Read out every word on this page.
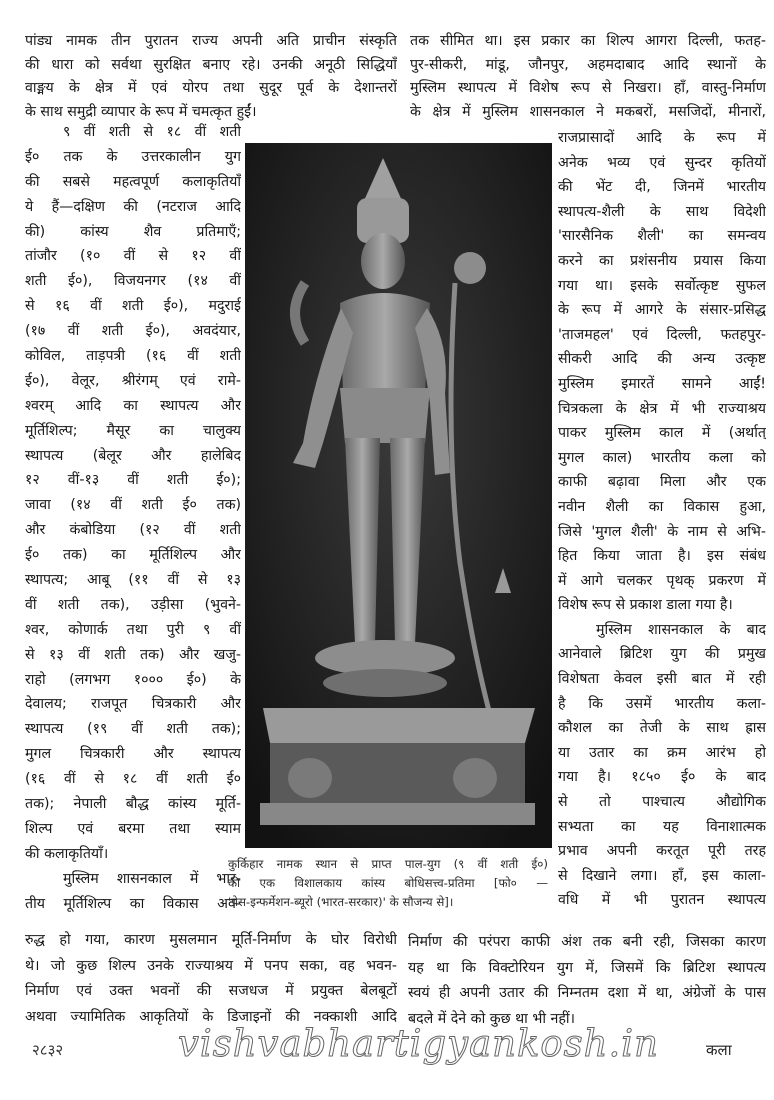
पांड्य नामक तीन पुरातन राज्य अपनी अति प्राचीन संस्कृति
की धारा को सर्वथा सुरक्षित बनाए रहे। उनकी अनूठी सिद्धियाँ
वाङ्मय के क्षेत्र में एवं योरप तथा सुदूर पूर्व के देशान्तरों
के साथ समुद्री व्यापार के रूप में चमत्कृत हुईं।
तक सीमित था। इस प्रकार का शिल्प आगरा दिल्ली, फतह-
पुर-सीकरी, मांडू, जौनपुर, अहमदाबाद आदि स्थानों के
मुस्लिम स्थापत्य में विशेष रूप से निखरा। हाँ, वास्तु-निर्माण
के क्षेत्र में मुस्लिम शासनकाल ने मकबरों, मसजिदों, मीनारों,
९ वीं शती से १८ वीं शती
ई० तक के उत्तरकालीन युग
की सबसे महत्वपूर्ण कलाकृतियाँ
ये हैं—दक्षिण की (नटराज आदि
की) कांस्य शैव प्रतिमाएँ;
तांजौर (१० वीं से १२ वीं
शती ई०), विजयनगर (१४ वीं
से १६ वीं शती ई०), मदुराई
(१७ वीं शती ई०), अवदंयार,
कोविल, ताड़पत्री (१६ वीं शती
ई०), वेलूर, श्रीरंगम् एवं रामे-
श्वरम् आदि का स्थापत्य और
मूर्तिशिल्प; मैसूर का चालुक्य
स्थापत्य (बेलूर और हालेबिद
१२ वीं-१३ वीं शती ई०);
जावा (१४ वीं शती ई० तक)
और कंबोडिया (१२ वीं शती
ई० तक) का मूर्तिशिल्प और
स्थापत्य; आबू (११ वीं से १३
वीं शती तक), उड़ीसा (भुवने-
श्वर, कोणार्क तथा पुरी ९ वीं
से १३ वीं शती तक) और खजु-
राहो (लगभग १००० ई०) के
देवालय; राजपूत चित्रकारी और
स्थापत्य (१९ वीं शती तक);
मुगल चित्रकारी और स्थापत्य
(१६ वीं से १८ वीं शती ई०
तक); नेपाली बौद्ध कांस्य मूर्ति-
शिल्प एवं बरमा तथा स्याम
की कलाकृतियाँ।
मुस्लिम शासनकाल में भार-
तीय मूर्तिशिल्प का विकास अव-
कुर्किहार नामक स्थान से प्राप्त पाल-युग (९ वीं शती ई०)
की एक विशालकाय कांस्य बोधिसत्त्व-प्रतिमा [फो० —
'प्रेस-इन्फर्मेशन-ब्यूरो (भारत-सरकार)' के सौजन्य से]।
राजप्रासादों आदि के रूप में
अनेक भव्य एवं सुन्दर कृतियों
की भेंट दी, जिनमें भारतीय
स्थापत्य-शैली के साथ विदेशी
'सारसैनिक शैली' का समन्वय
करने का प्रशंसनीय प्रयास किया
गया था। इसके सर्वोत्कृष्ट सुफल
के रूप में आगरे के संसार-प्रसिद्ध
'ताजमहल' एवं दिल्ली, फतहपुर-
सीकरी आदि की अन्य उत्कृष्ट
मुस्लिम इमारतें सामने आईं!
चित्रकला के क्षेत्र में भी राज्याश्रय
पाकर मुस्लिम काल में (अर्थात्
मुगल काल) भारतीय कला को
काफी बढ़ावा मिला और एक
नवीन शैली का विकास हुआ,
जिसे 'मुगल शैली' के नाम से अभि-
हित किया जाता है। इस संबंध
में आगे चलकर पृथक् प्रकरण में
विशेष रूप से प्रकाश डाला गया है।
मुस्लिम शासनकाल के बाद
आनेवाले ब्रिटिश युग की प्रमुख
विशेषता केवल इसी बात में रही
है कि उसमें भारतीय कला-
कौशल का तेजी के साथ ह्रास
या उतार का क्रम आरंभ हो
गया है। १८५० ई० के बाद
से तो पाश्चात्य औद्योगिक
सभ्यता का यह विनाशात्मक
प्रभाव अपनी करतूत पूरी तरह
से दिखाने लगा। हाँ, इस काला-
वधि में भी पुरातन स्थापत्य
रुद्ध हो गया, कारण मुसलमान मूर्ति-निर्माण के घोर विरोधी
थे। जो कुछ शिल्प उनके राज्याश्रय में पनप सका, वह भवन-
निर्माण एवं उक्त भवनों की सजधज में प्रयुक्त बेलबूटों
अथवा ज्यामितिक आकृतियों के डिजाइनों की नक्काशी आदि
निर्माण की परंपरा काफी अंश तक बनी रही, जिसका कारण
यह था कि विक्टोरियन युग में, जिसमें कि ब्रिटिश स्थापत्य
स्वयं ही अपनी उतार की निम्नतम दशा में था, अंग्रेजों के पास
बदले में देने को कुछ था भी नहीं।
२८३२	vishvabhartigyankosh.in	कला
